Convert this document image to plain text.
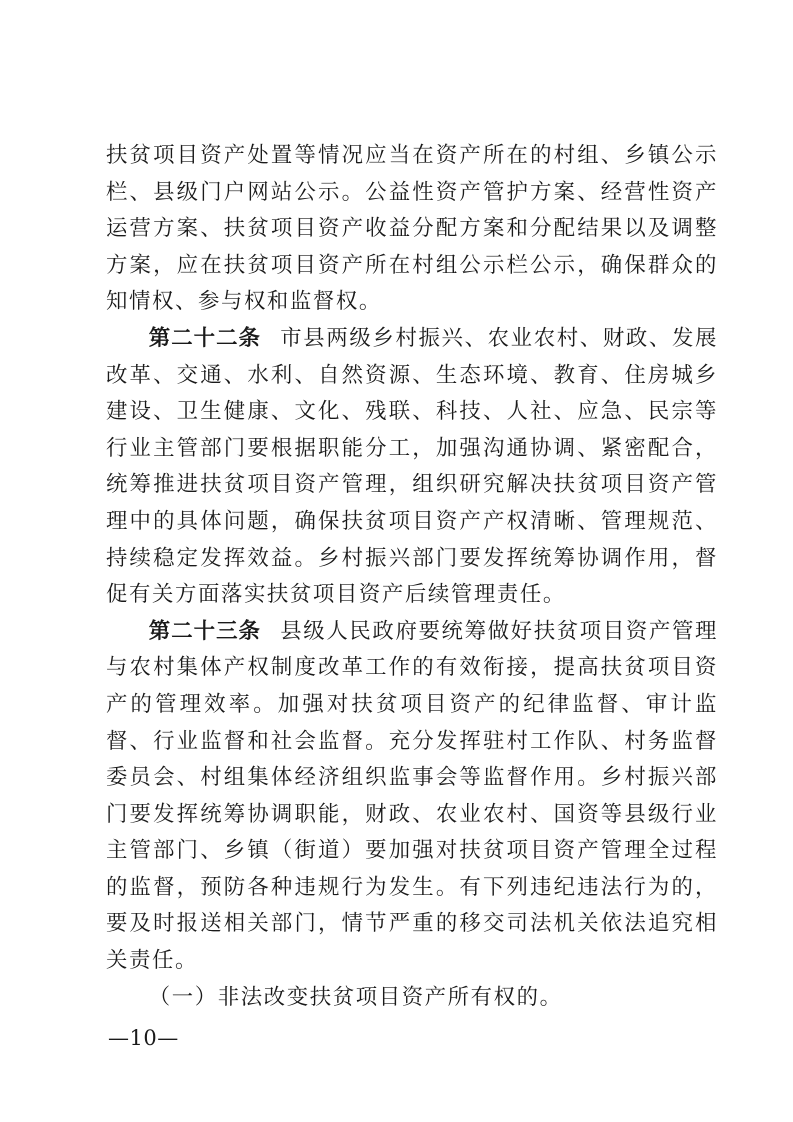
扶贫项目资产处置等情况应当在资产所在的村组、乡镇公示栏、县级门户网站公示。公益性资产管护方案、经营性资产运营方案、扶贫项目资产收益分配方案和分配结果以及调整方案，应在扶贫项目资产所在村组公示栏公示，确保群众的知情权、参与权和监督权。

第二十二条 市县两级乡村振兴、农业农村、财政、发展改革、交通、水利、自然资源、生态环境、教育、住房城乡建设、卫生健康、文化、残联、科技、人社、应急、民宗等行业主管部门要根据职能分工，加强沟通协调、紧密配合，统筹推进扶贫项目资产管理，组织研究解决扶贫项目资产管理中的具体问题，确保扶贫项目资产产权清晰、管理规范、持续稳定发挥效益。乡村振兴部门要发挥统筹协调作用，督促有关方面落实扶贫项目资产后续管理责任。

第二十三条 县级人民政府要统筹做好扶贫项目资产管理与农村集体产权制度改革工作的有效衔接，提高扶贫项目资产的管理效率。加强对扶贫项目资产的纪律监督、审计监督、行业监督和社会监督。充分发挥驻村工作队、村务监督委员会、村组集体经济组织监事会等监督作用。乡村振兴部门要发挥统筹协调职能，财政、农业农村、国资等县级行业主管部门、乡镇（街道）要加强对扶贫项目资产管理全过程的监督，预防各种违规行为发生。有下列违纪违法行为的，要及时报送相关部门，情节严重的移交司法机关依法追究相关责任。

（一）非法改变扶贫项目资产所有权的。

—10—
